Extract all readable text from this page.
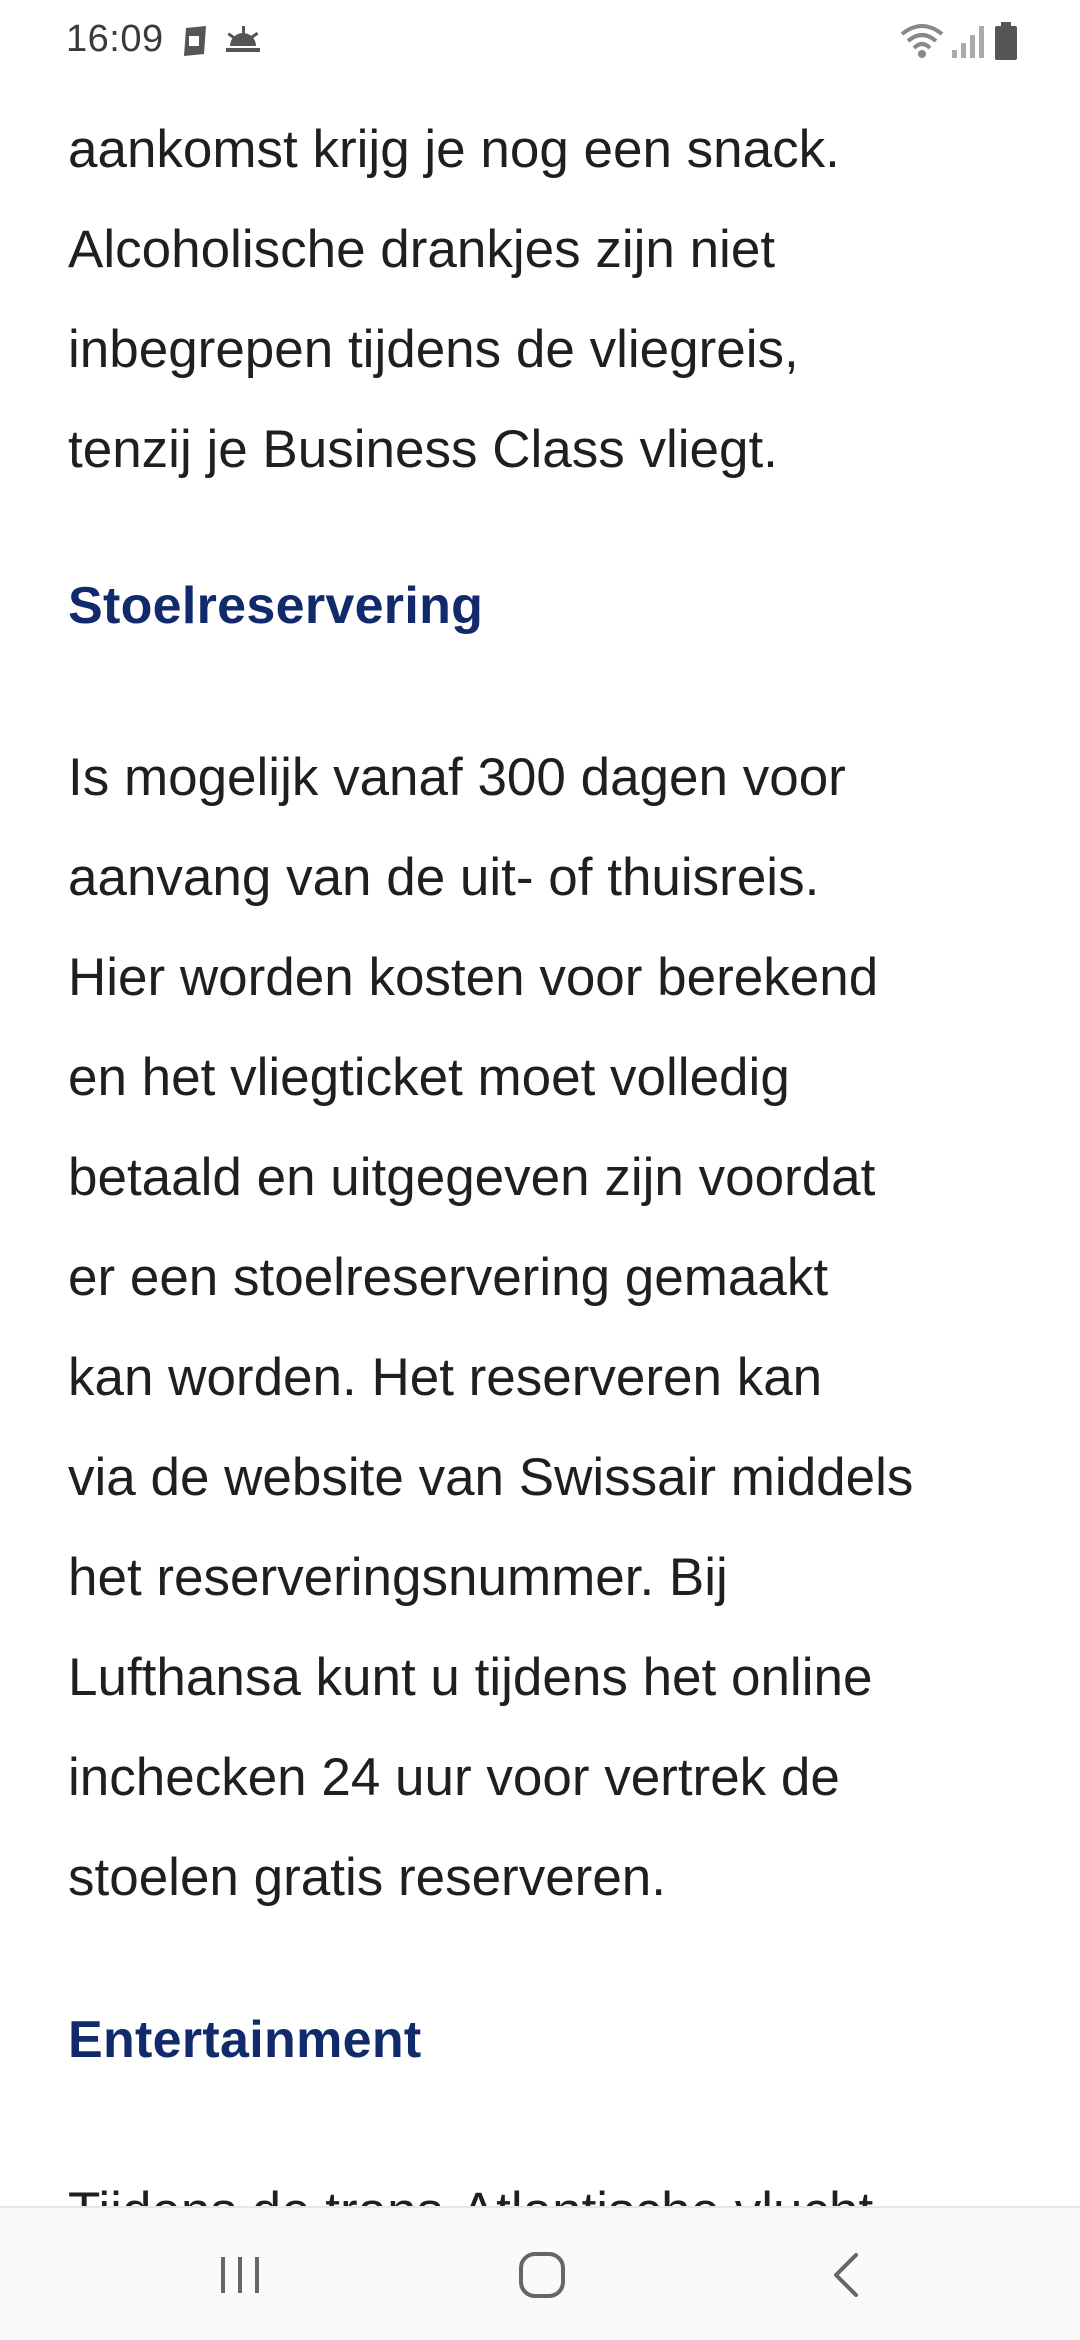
16:09

aankomst krijg je nog een snack.
Alcoholische drankjes zijn niet
inbegrepen tijdens de vliegreis,
tenzij je Business Class vliegt.

Stoelreservering

Is mogelijk vanaf 300 dagen voor
aanvang van de uit- of thuisreis.
Hier worden kosten voor berekend
en het vliegticket moet volledig
betaald en uitgegeven zijn voordat
er een stoelreservering gemaakt
kan worden. Het reserveren kan
via de website van Swissair middels
het reserveringsnummer. Bij
Lufthansa kunt u tijdens het online
inchecken 24 uur voor vertrek de
stoelen gratis reserveren.

Entertainment
